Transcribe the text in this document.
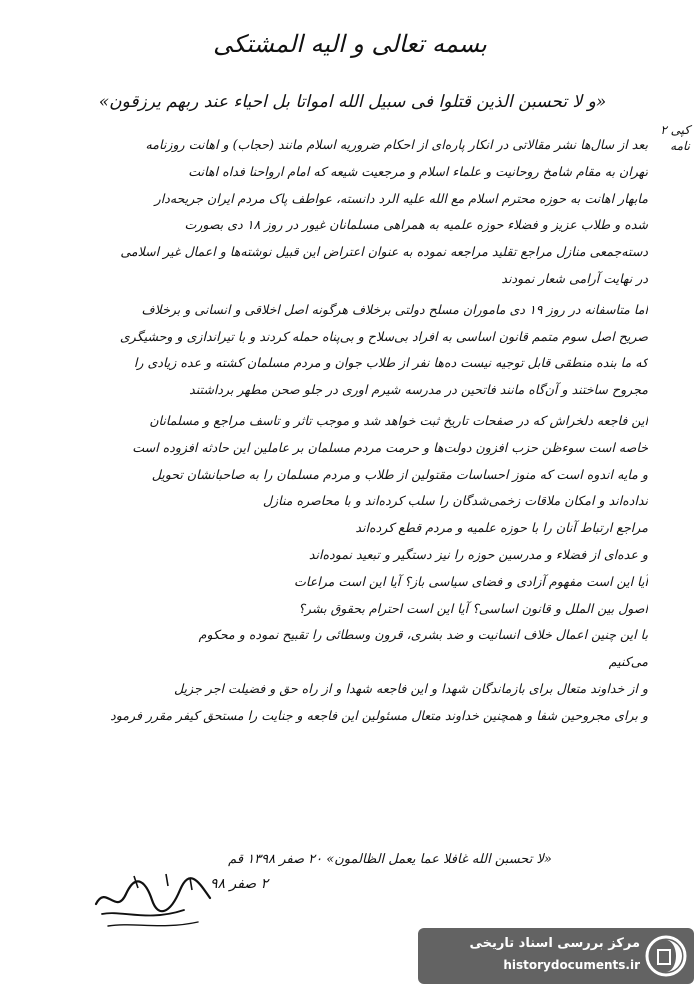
بسمه تعالی و الیه المشتکی
«و لا تحسبن الذین قتلوا فی سبیل الله امواتا بل احیاء عند ربهم یرزقون»
کپی ۲ نامه
بعد از سال‌ها نشر مقالاتی در انکار پاره‌ای از احکام ضروریه اسلام مانند (حجاب) و اهانت روزنامه
تهران به مقام شامخ روحانیت و علماء اسلام و مرجعیت شیعه که امام ارواحنا فداه اهانت
مابهار اهانت به حوزه محترم اسلام مع الله علیه الرد دانسته، عواطف پاک مردم ایران جریحه‌دار
شده و طلاب عزیز و فضلاء حوزه علمیه به همراهی مسلمانان غیور در روز ۱۸ دی بصورت
دسته‌جمعی منازل مراجع تقلید مراجعه نموده به عنوان اعتراض این قبیل نوشته‌ها و اعمال غیر اسلامی
در نهایت آرامی شعار نمودند
اما متاسفانه در روز ۱۹ دی ماموران مسلح دولتی برخلاف هرگونه اصل اخلاقی و انسانی و برخلاف
صریح اصل سوم متمم قانون اساسی به افراد بی‌سلاح و بی‌پناه حمله کردند و با تیراندازی و وحشیگری
که ما بنده منطقی قابل توجیه نیست ده‌ها نفر از طلاب جوان و مردم مسلمان کشته و عده زیادی را
مجروح ساختند و آن‌گاه مانند فاتحین در مدرسه شیرم اوری در جلو صحن مطهر برداشتند
این فاجعه دلخراش که در صفحات تاریخ ثبت خواهد شد و موجب تاثر و تاسف مراجع و مسلمانان
خاصه است سوءظن حزب افزون دولت‌ها و حرمت مردم مسلمان بر عاملین این حادثه افزوده است
و مایه اندوه است که منوز احساسات مقتولین از طلاب و مردم مسلمان را به صاحبانشان تحویل
نداده‌اند و امکان ملاقات زخمی‌شدگان را سلب کرده‌اند و با محاصره منازل
مراجع ارتباط آنان را با حوزه علمیه و مردم قطع کرده‌اند
و عده‌ای از فضلاء و مدرسین حوزه را نیز دستگیر و تبعید نموده‌اند
آیا این است مفهوم آزادی و فضای سیاسی باز؟ آیا این است مراعات
اصول بین الملل و قانون اساسی؟ آیا این است احترام بحقوق بشر؟
با این چنین اعمال خلاف انسانیت و ضد بشری، قرون وسطائی را تقبیح نموده و محکوم
می‌کنیم
و از خداوند متعال برای بازماندگان شهدا و این فاجعه شهدا و از راه حق و فضیلت اجر جزیل
و برای مجروحین شفا و همچنین خداوند متعال مسئولین این فاجعه و جنایت را مستحق کیفر مقرر فرمود
«لا تحسبن الله غافلا عما یعمل الظالمون» ۲۰ صفر ۱۳۹۸ قم
۲ صفر ۹۸
مرکز بررسی اسناد تاریخی
historydocuments.ir
